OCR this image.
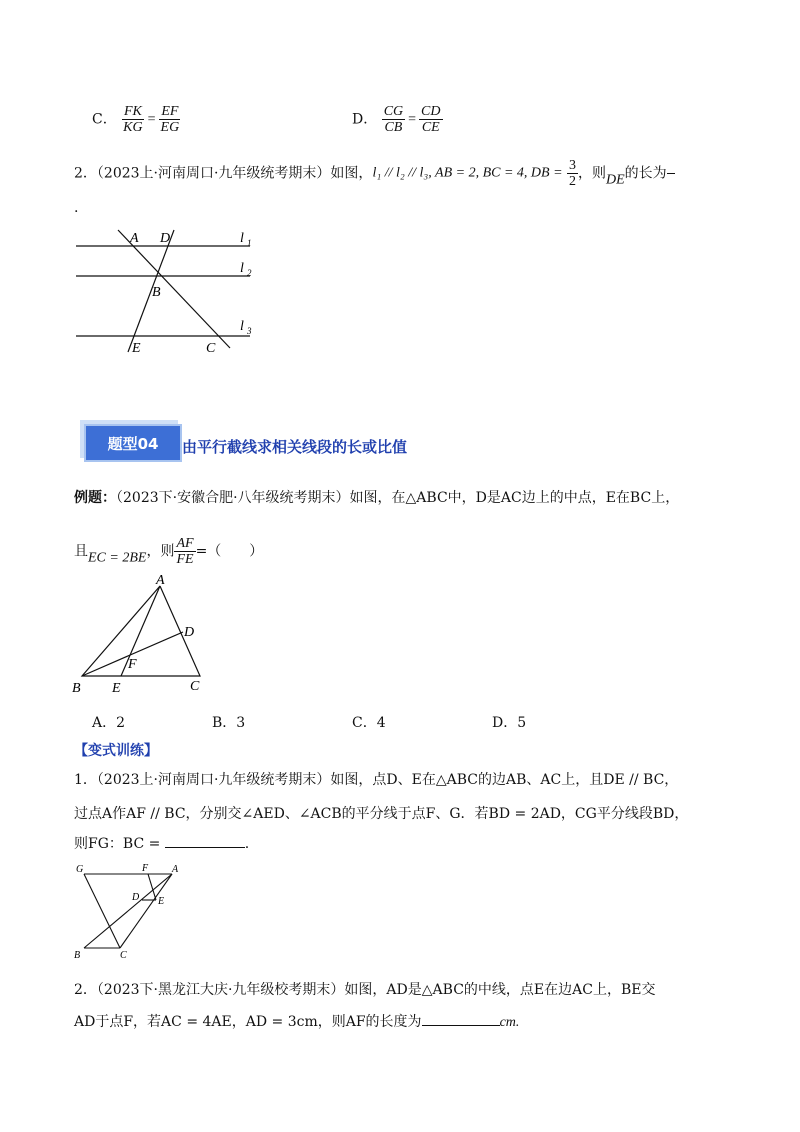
C． $\frac{FK}{KG} = \frac{EF}{EG}$	D． $\frac{CG}{CB} = \frac{CD}{CE}$
2．（2023上·河南周口·九年级统考期末）如图，l₁ // l₂ // l₃, AB = 2, BC = 4, DB = $\frac{3}{2}$ ，则DE的长为
.
A D
B
E	C
l 1
l 2
l 3
题型04	由平行截线求相关线段的长或比值
例题：（2023下·安徽合肥·八年级统考期末）如图，在△ABC中，D是AC边上的中点，E在BC上，
且EC = 2BE，则 $\frac{AF}{FE}$ =（　　）
A
D
F
B E	C
A．2	B．3	C．4	D．5
【变式训练】
1．（2023上·河南周口·九年级统考期末）如图，点D、E在△ABC的边AB、AC上，且DE // BC，
过点A作AF // BC，分别交∠AED、∠ACB的平分线于点F、G．若BD = 2AD，CG平分线段BD，
则FG：BC =	.
G	F A
D E
B	C
2．（2023下·黑龙江大庆·九年级校考期末）如图，AD是△ABC的中线，点E在边AC上，BE交
AD于点F，若AC = 4AE，AD = 3cm，则AF的长度为	cm.
